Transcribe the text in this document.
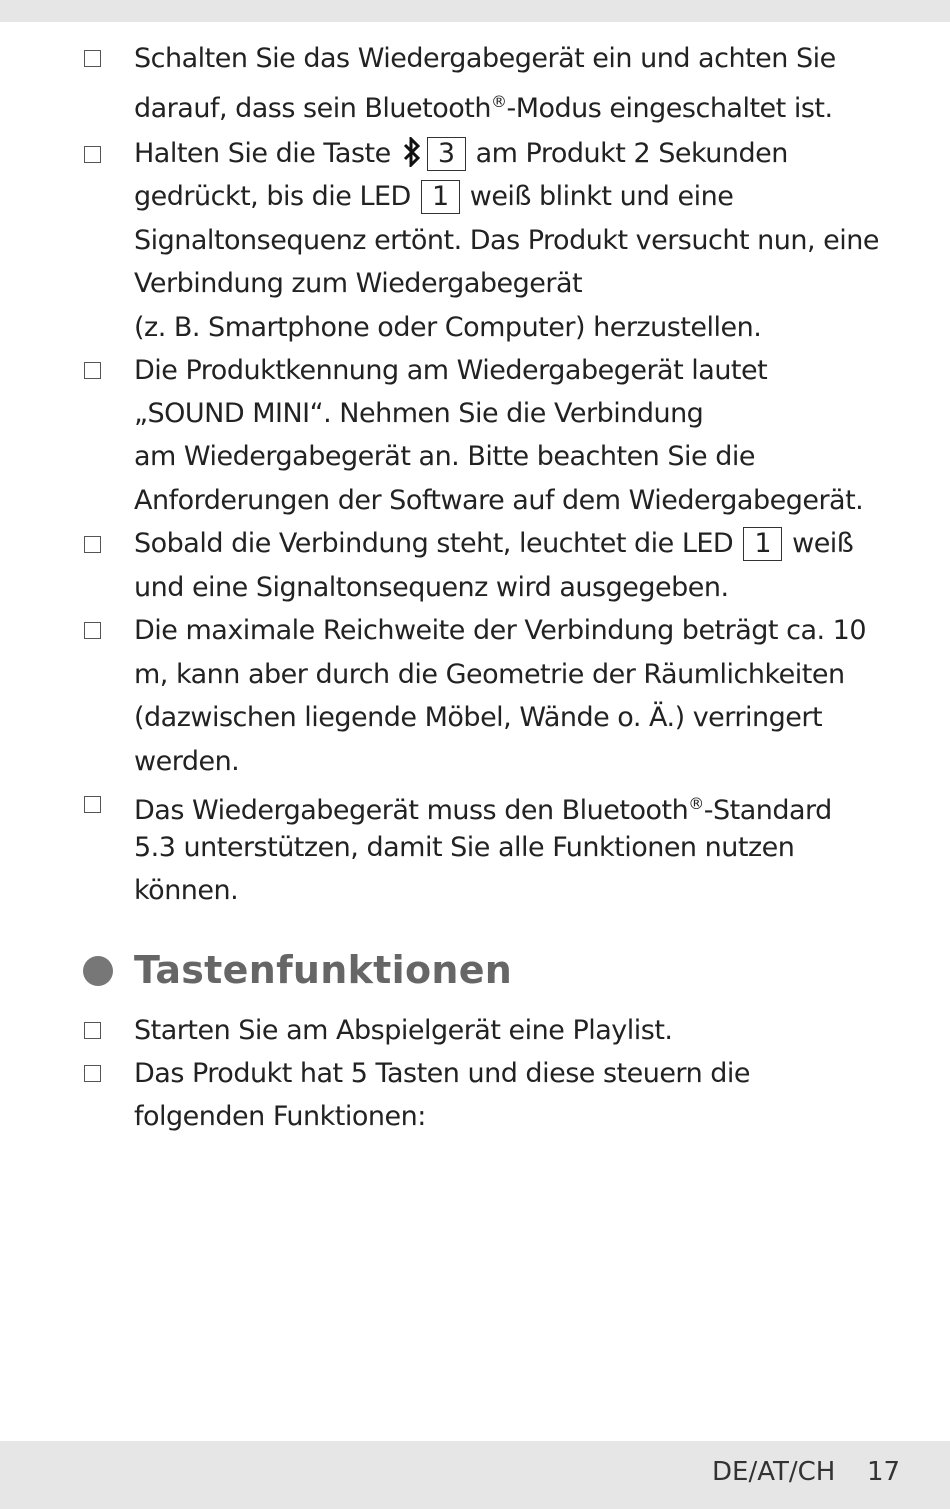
Schalten Sie das Wiedergabegerät ein und achten Sie
darauf, dass sein Bluetooth®-Modus eingeschaltet ist.
Halten Sie die Taste 3 am Produkt 2 Sekunden
gedrückt, bis die LED 1 weiß blinkt und eine
Signaltonsequenz ertönt. Das Produkt versucht nun, eine
Verbindung zum Wiedergabegerät
(z. B. Smartphone oder Computer) herzustellen.
Die Produktkennung am Wiedergabegerät lautet
„SOUND MINI“. Nehmen Sie die Verbindung
am Wiedergabegerät an. Bitte beachten Sie die
Anforderungen der Software auf dem Wiedergabegerät.
Sobald die Verbindung steht, leuchtet die LED 1 weiß
und eine Signaltonsequenz wird ausgegeben.
Die maximale Reichweite der Verbindung beträgt ca. 10
m, kann aber durch die Geometrie der Räumlichkeiten
(dazwischen liegende Möbel, Wände o. Ä.) verringert
werden.
Das Wiedergabegerät muss den Bluetooth®-Standard
5.3 unterstützen, damit Sie alle Funktionen nutzen
können.
Tastenfunktionen
Starten Sie am Abspielgerät eine Playlist.
Das Produkt hat 5 Tasten und diese steuern die
folgenden Funktionen:
DE/AT/CH 17
